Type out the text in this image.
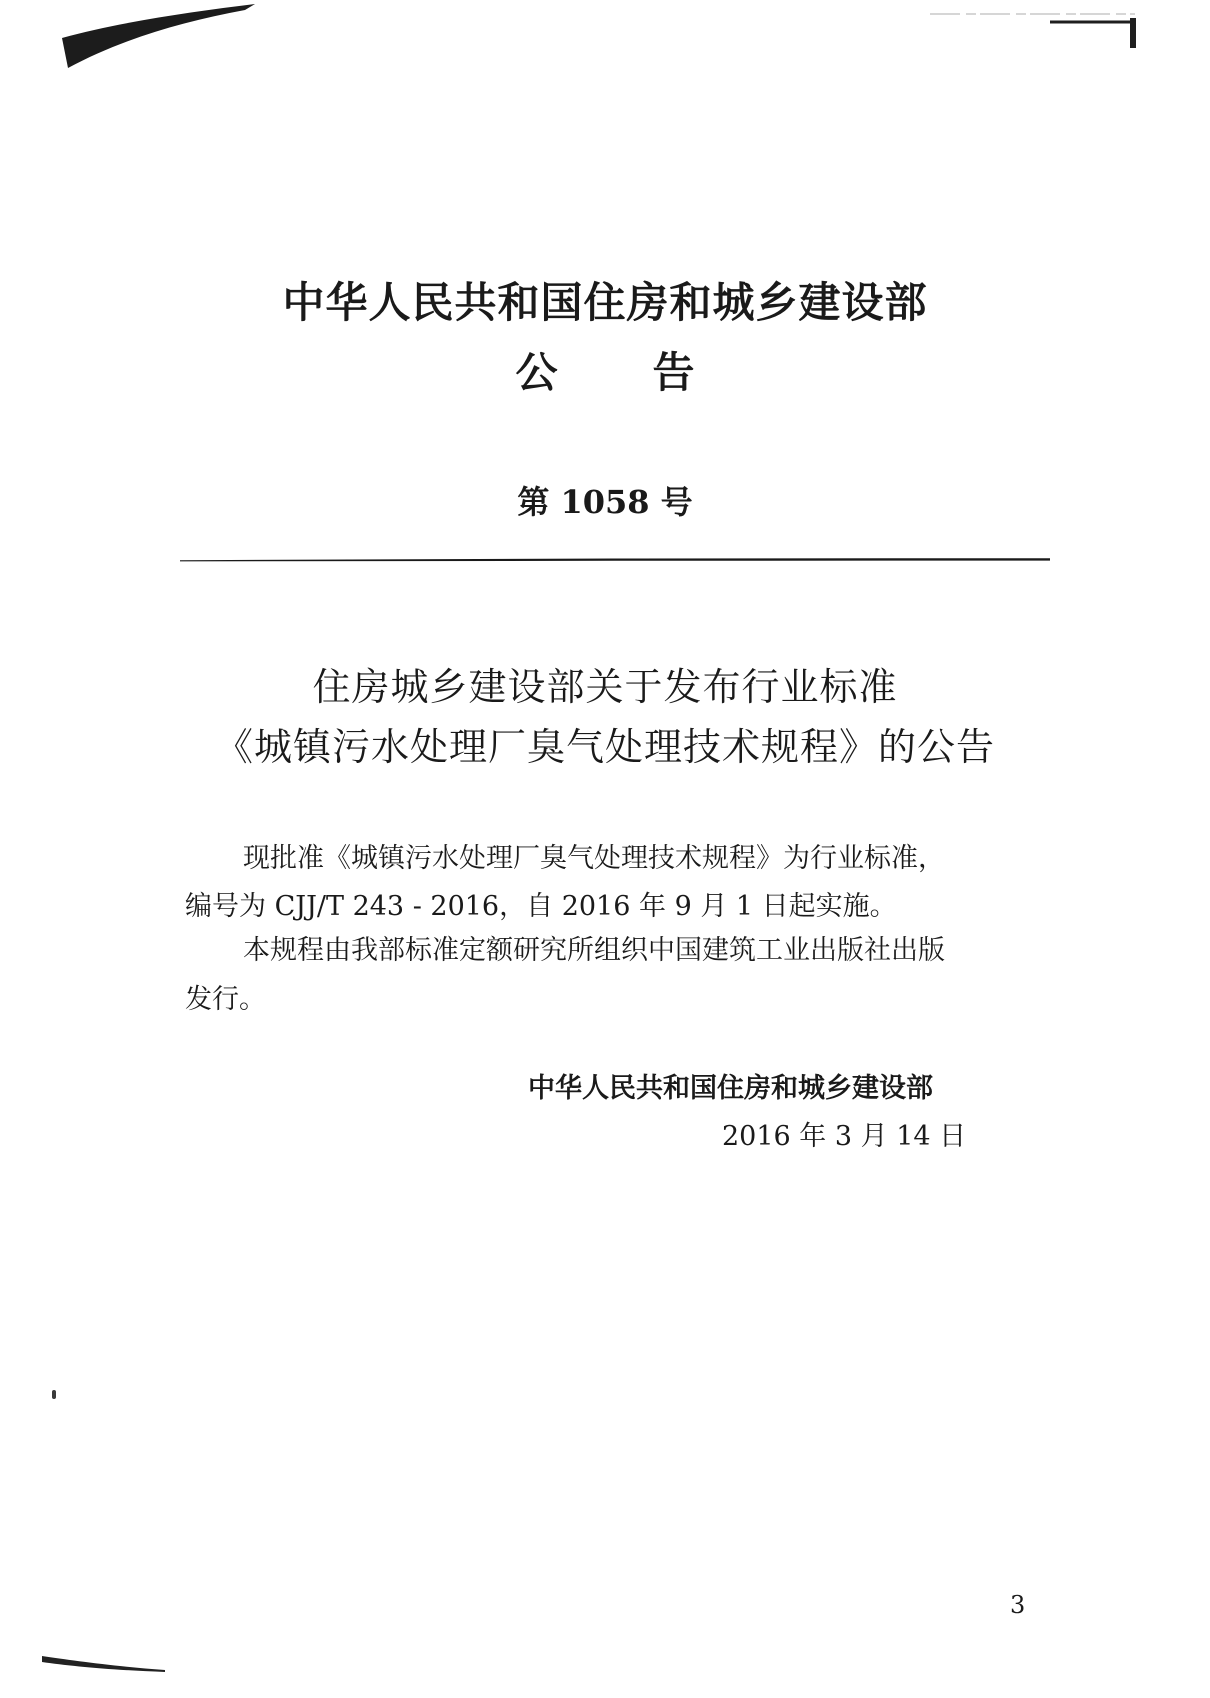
中华人民共和国住房和城乡建设部
公 告
第 1058 号
住房城乡建设部关于发布行业标准
《城镇污水处理厂臭气处理技术规程》的公告
现批准《城镇污水处理厂臭气处理技术规程》为行业标准，
编号为 CJJ/T 243 - 2016，自 2016 年 9 月 1 日起实施。
本规程由我部标准定额研究所组织中国建筑工业出版社出版
发行。
中华人民共和国住房和城乡建设部
2016 年 3 月 14 日
3
